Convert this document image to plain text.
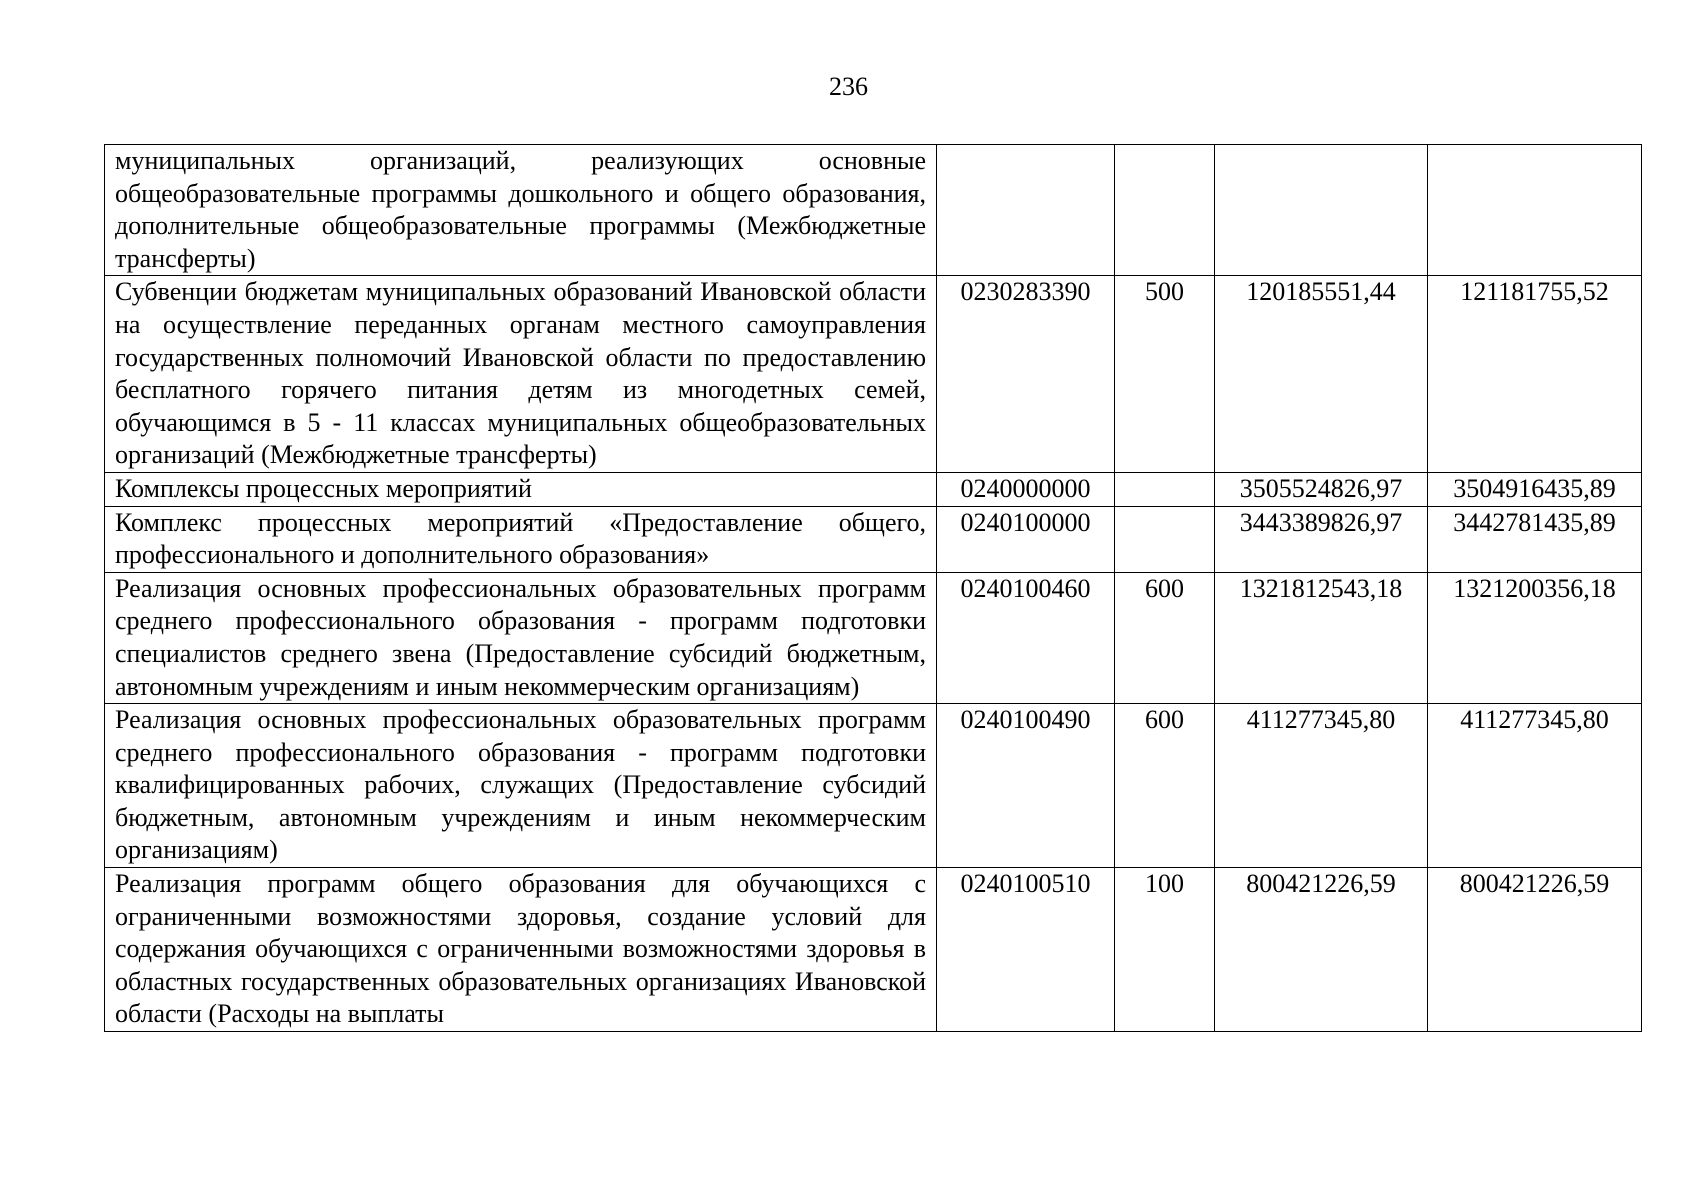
236
муниципальных организаций, реализующих основные общеобразовательные программы дошкольного и общего образования, дополнительные общеобразовательные программы (Межбюджетные трансферты)				
Субвенции бюджетам муниципальных образований Ивановской области на осуществление переданных органам местного самоуправления государственных полномочий Ивановской области по предоставлению бесплатного горячего питания детям из многодетных семей, обучающимся в 5 - 11 классах муниципальных общеобразовательных организаций (Межбюджетные трансферты)	0230283390	500	120185551,44	121181755,52
Комплексы процессных мероприятий	0240000000		3505524826,97	3504916435,89
Комплекс процессных мероприятий «Предоставление общего, профессионального и дополнительного образования»	0240100000		3443389826,97	3442781435,89
Реализация основных профессиональных образовательных программ среднего профессионального образования - программ подготовки специалистов среднего звена (Предоставление субсидий бюджетным, автономным учреждениям и иным некоммерческим организациям)	0240100460	600	1321812543,18	1321200356,18
Реализация основных профессиональных образовательных программ среднего профессионального образования - программ подготовки квалифицированных рабочих, служащих (Предоставление субсидий бюджетным, автономным учреждениям и иным некоммерческим организациям)	0240100490	600	411277345,80	411277345,80
Реализация программ общего образования для обучающихся с ограниченными возможностями здоровья, создание условий для содержания обучающихся с ограниченными возможностями здоровья в областных государственных образовательных организациях Ивановской области (Расходы на выплаты	0240100510	100	800421226,59	800421226,59
